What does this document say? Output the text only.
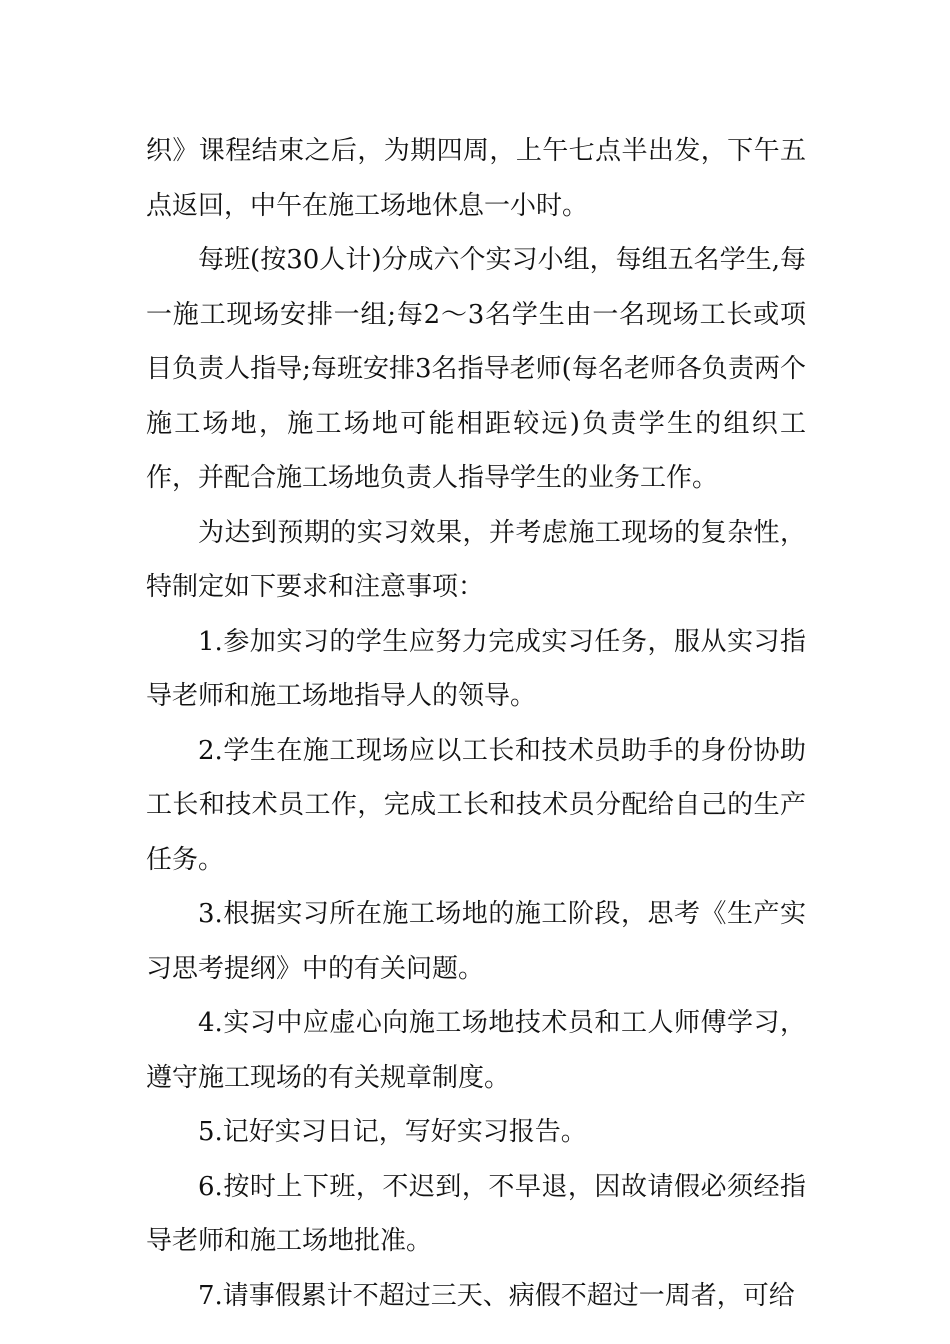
织》课程结束之后，为期四周，上午七点半出发，下午五点返回，中午在施工场地休息一小时。

每班(按30人计)分成六个实习小组，每组五名学生,每一施工现场安排一组;每2～3名学生由一名现场工长或项目负责人指导;每班安排3名指导老师(每名老师各负责两个施工场地，施工场地可能相距较远)负责学生的组织工作，并配合施工场地负责人指导学生的业务工作。

为达到预期的实习效果，并考虑施工现场的复杂性，特制定如下要求和注意事项：

1.参加实习的学生应努力完成实习任务，服从实习指导老师和施工场地指导人的领导。

2.学生在施工现场应以工长和技术员助手的身份协助工长和技术员工作，完成工长和技术员分配给自己的生产任务。

3.根据实习所在施工场地的施工阶段，思考《生产实习思考提纲》中的有关问题。

4.实习中应虚心向施工场地技术员和工人师傅学习，遵守施工现场的有关规章制度。

5.记好实习日记，写好实习报告。

6.按时上下班，不迟到，不早退，因故请假必须经指导老师和施工场地批准。

7.请事假累计不超过三天、病假不超过一周者，可给
